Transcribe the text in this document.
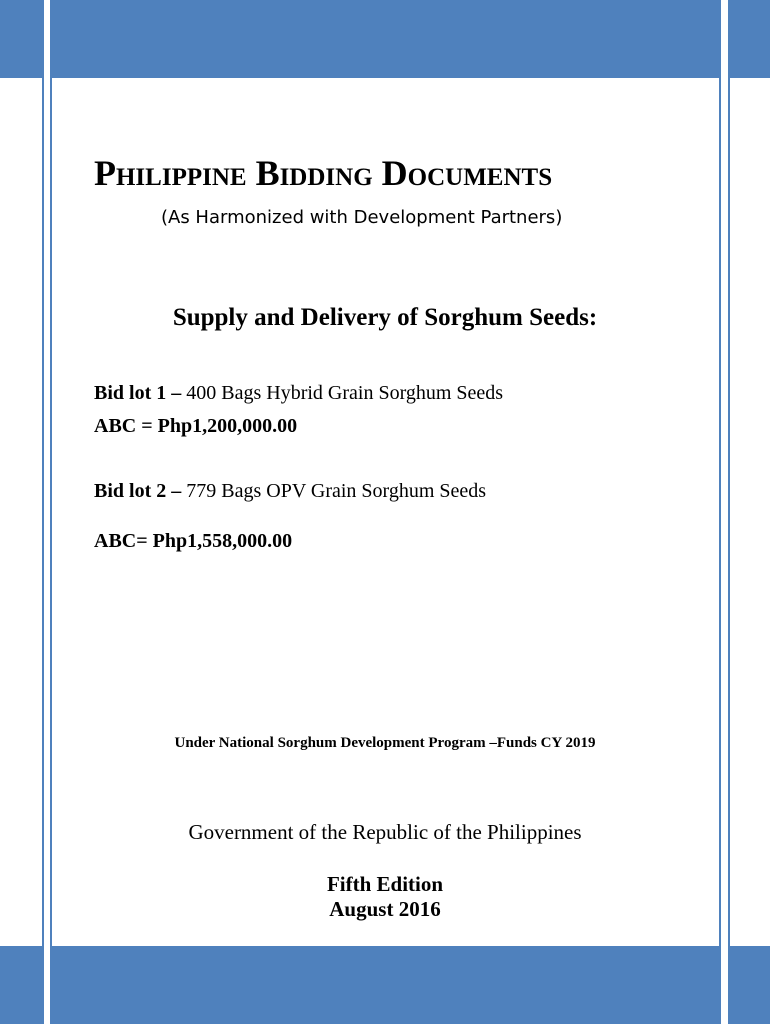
Philippine Bidding Documents
(As Harmonized with Development Partners)
Supply and Delivery of Sorghum Seeds:
Bid lot 1 – 400 Bags Hybrid Grain Sorghum Seeds
ABC = Php1,200,000.00
Bid lot 2 – 779 Bags OPV Grain Sorghum Seeds
ABC= Php1,558,000.00
Under National Sorghum Development Program –Funds CY 2019
Government of the Republic of the Philippines
Fifth Edition
August 2016
